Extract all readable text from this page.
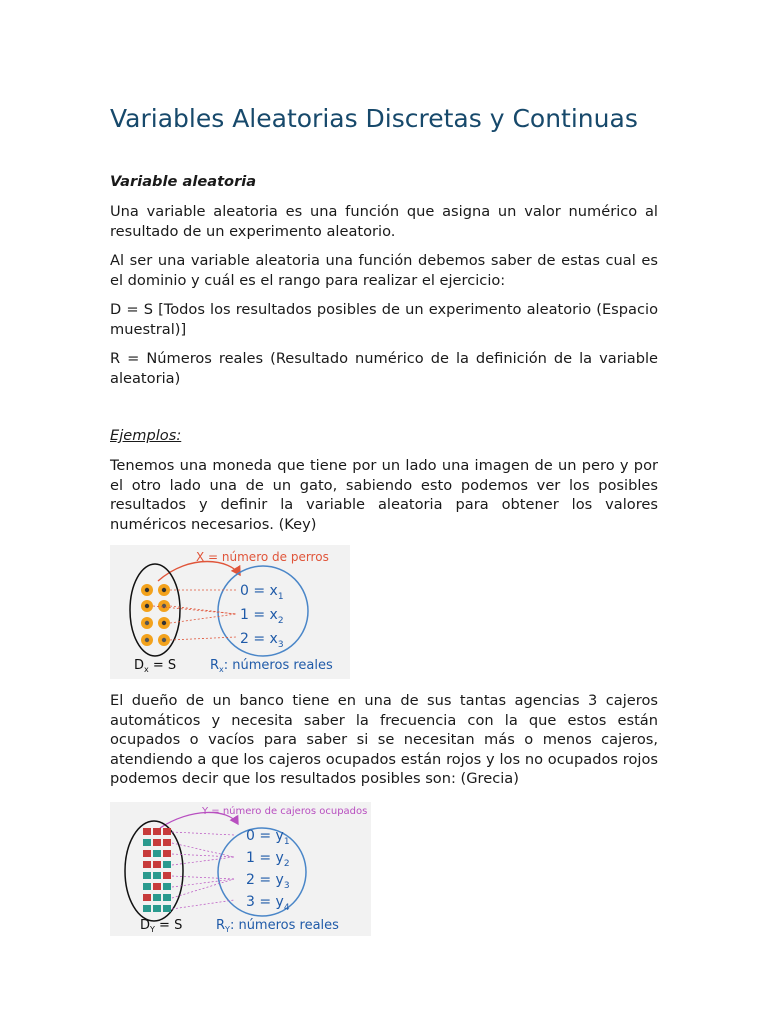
Variables Aleatorias Discretas y Continuas

Variable aleatoria

Una variable aleatoria es una función que asigna un valor numérico al resultado de un experimento aleatorio.

Al ser una variable aleatoria una función debemos saber de estas cual es el dominio y cuál es el rango para realizar el ejercicio:

D = S [Todos los resultados posibles de un experimento aleatorio (Espacio muestral)]

R = Números reales (Resultado numérico de la definición de la variable aleatoria)

Ejemplos:

Tenemos una moneda que tiene por un lado una imagen de un pero y por el otro lado una de un gato, sabiendo esto podemos ver los posibles resultados y definir la variable aleatoria para obtener los valores numéricos necesarios. (Key)

X = número de perros
$0 = x_1$
$1 = x_2$
$2 = x_3$
$D_x = S$	$R_x$: números reales

El dueño de un banco tiene en una de sus tantas agencias 3 cajeros automáticos y necesita saber la frecuencia con la que estos están ocupados o vacíos para saber si se necesitan más o menos cajeros, atendiendo a que los cajeros ocupados están rojos y los no ocupados rojos podemos decir que los resultados posibles son: (Grecia)

Y = número de cajeros ocupados
$0 = y_1$
$1 = y_2$
$2 = y_3$
$3 = y_4$
$D_Y = S$	$R_Y$: números reales
